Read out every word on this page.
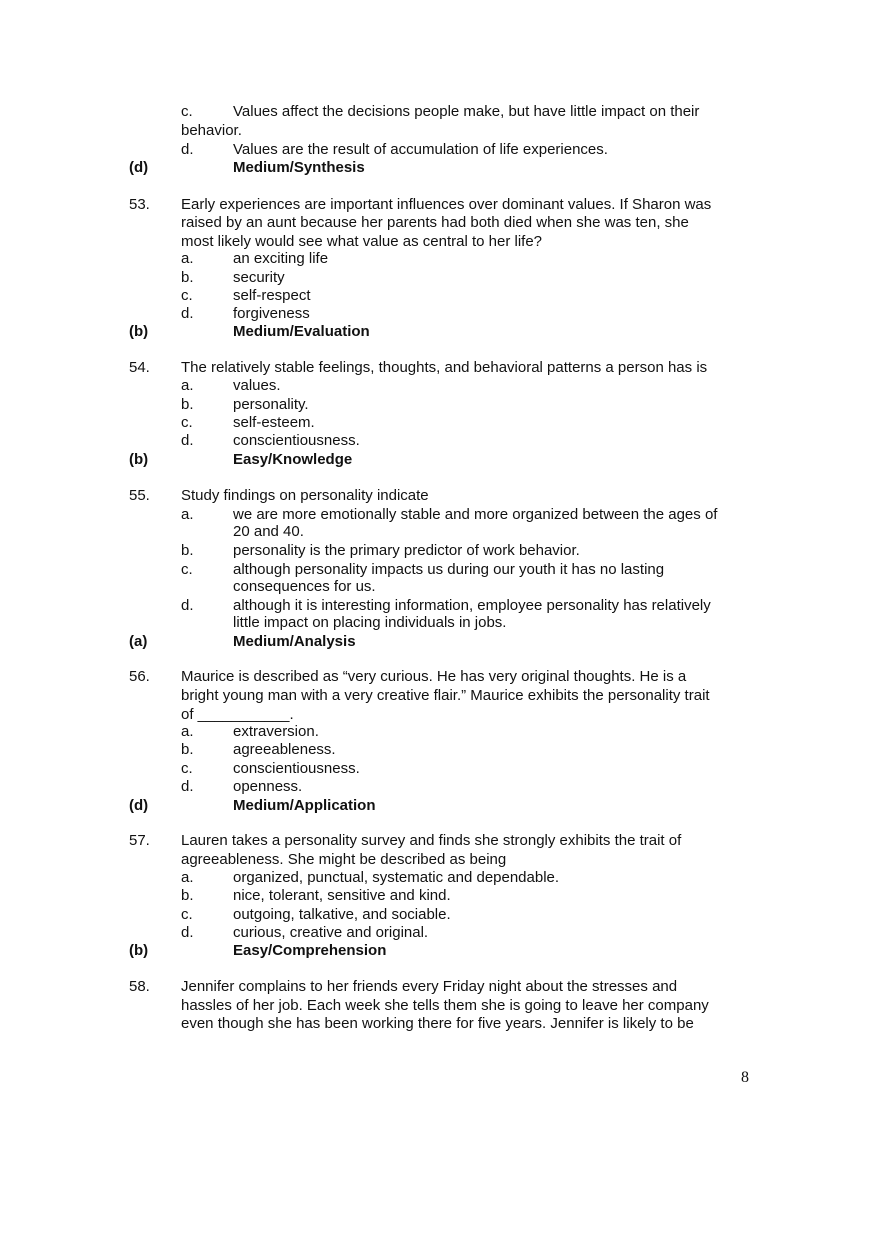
c.	Values affect the decisions people make, but have little impact on their
behavior.
d.	Values are the result of accumulation of life experiences.
(d)	Medium/Synthesis
53. Early experiences are important influences over dominant values. If Sharon was
raised by an aunt because her parents had both died when she was ten, she
most likely would see what value as central to her life?
a.	an exciting life
b.	security
c.	self-respect
d.	forgiveness
(b)	Medium/Evaluation
54. The relatively stable feelings, thoughts, and behavioral patterns a person has is
a.	values.
b.	personality.
c.	self-esteem.
d.	conscientiousness.
(b)	Easy/Knowledge
55. Study findings on personality indicate
a.	we are more emotionally stable and more organized between the ages of
20 and 40.
b.	personality is the primary predictor of work behavior.
c.	although personality impacts us during our youth it has no lasting
consequences for us.
d.	although it is interesting information, employee personality has relatively
little impact on placing individuals in jobs.
(a)	Medium/Analysis
56. Maurice is described as “very curious. He has very original thoughts. He is a
bright young man with a very creative flair.” Maurice exhibits the personality trait
of ___________.
a.	extraversion.
b.	agreeableness.
c.	conscientiousness.
d.	openness.
(d)	Medium/Application
57. Lauren takes a personality survey and finds she strongly exhibits the trait of
agreeableness. She might be described as being
a.	organized, punctual, systematic and dependable.
b.	nice, tolerant, sensitive and kind.
c.	outgoing, talkative, and sociable.
d.	curious, creative and original.
(b)	Easy/Comprehension
58. Jennifer complains to her friends every Friday night about the stresses and
hassles of her job. Each week she tells them she is going to leave her company
even though she has been working there for five years. Jennifer is likely to be
8
